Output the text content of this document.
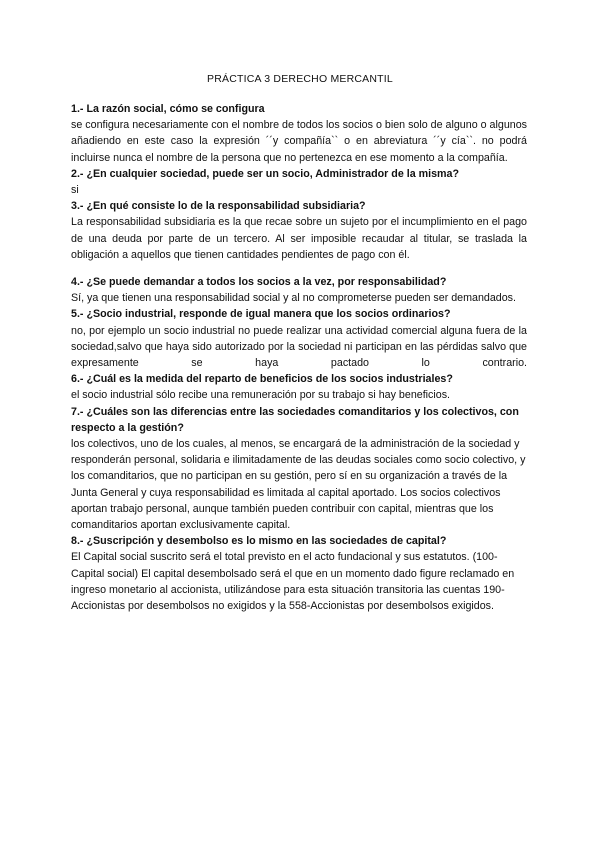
PRÁCTICA 3 DERECHO MERCANTIL

1.- La razón social, cómo se configura

se configura necesariamente con el nombre de todos los socios o bien solo de alguno o algunos añadiendo en este caso la expresión ´´y compañía`` o en abreviatura ´´y cía``. no podrá incluirse nunca el nombre de la persona que no pertenezca en ese momento a la compañía.

2.- ¿En cualquier sociedad, puede ser un socio, Administrador de la misma?

si

3.- ¿En qué consiste lo de la responsabilidad subsidiaria?

La responsabilidad subsidiaria es la que recae sobre un sujeto por el incumplimiento en el pago de una deuda por parte de un tercero. Al ser imposible recaudar al titular, se traslada la obligación a aquellos que tienen cantidades pendientes de pago con él.

4.- ¿Se puede demandar a todos los socios a la vez, por responsabilidad?

Sí, ya que tienen una responsabilidad social y al no comprometerse pueden ser demandados.

5.- ¿Socio industrial, responde de igual manera que los socios ordinarios?

no, por ejemplo un socio industrial no puede realizar una actividad comercial alguna fuera de la sociedad,salvo que haya sido autorizado por la sociedad ni participan en las pérdidas salvo que expresamente se haya pactado lo contrario.

6.- ¿Cuál es la medida del reparto de beneficios de los socios industriales?

el socio industrial sólo recibe una remuneración por su trabajo si hay beneficios.

7.- ¿Cuáles son las diferencias entre las sociedades comanditarios y los colectivos, con respecto a la gestión?

los colectivos, uno de los cuales, al menos, se encargará de la administración de la sociedad y responderán personal, solidaria e ilimitadamente de las deudas sociales como socio colectivo, y los comanditarios, que no participan en su gestión, pero sí en su organización a través de la Junta General y cuya responsabilidad es limitada al capital aportado. Los socios colectivos aportan trabajo personal, aunque también pueden contribuir con capital, mientras que los comanditarios aportan exclusivamente capital.

8.- ¿Suscripción y desembolso es lo mismo en las sociedades de capital?

El Capital social suscrito será el total previsto en el acto fundacional y sus estatutos. (100-Capital social) El capital desembolsado será el que en un momento dado figure reclamado en ingreso monetario al accionista, utilizándose para esta situación transitoria las cuentas 190-Accionistas por desembolsos no exigidos y la 558-Accionistas por desembolsos exigidos.
